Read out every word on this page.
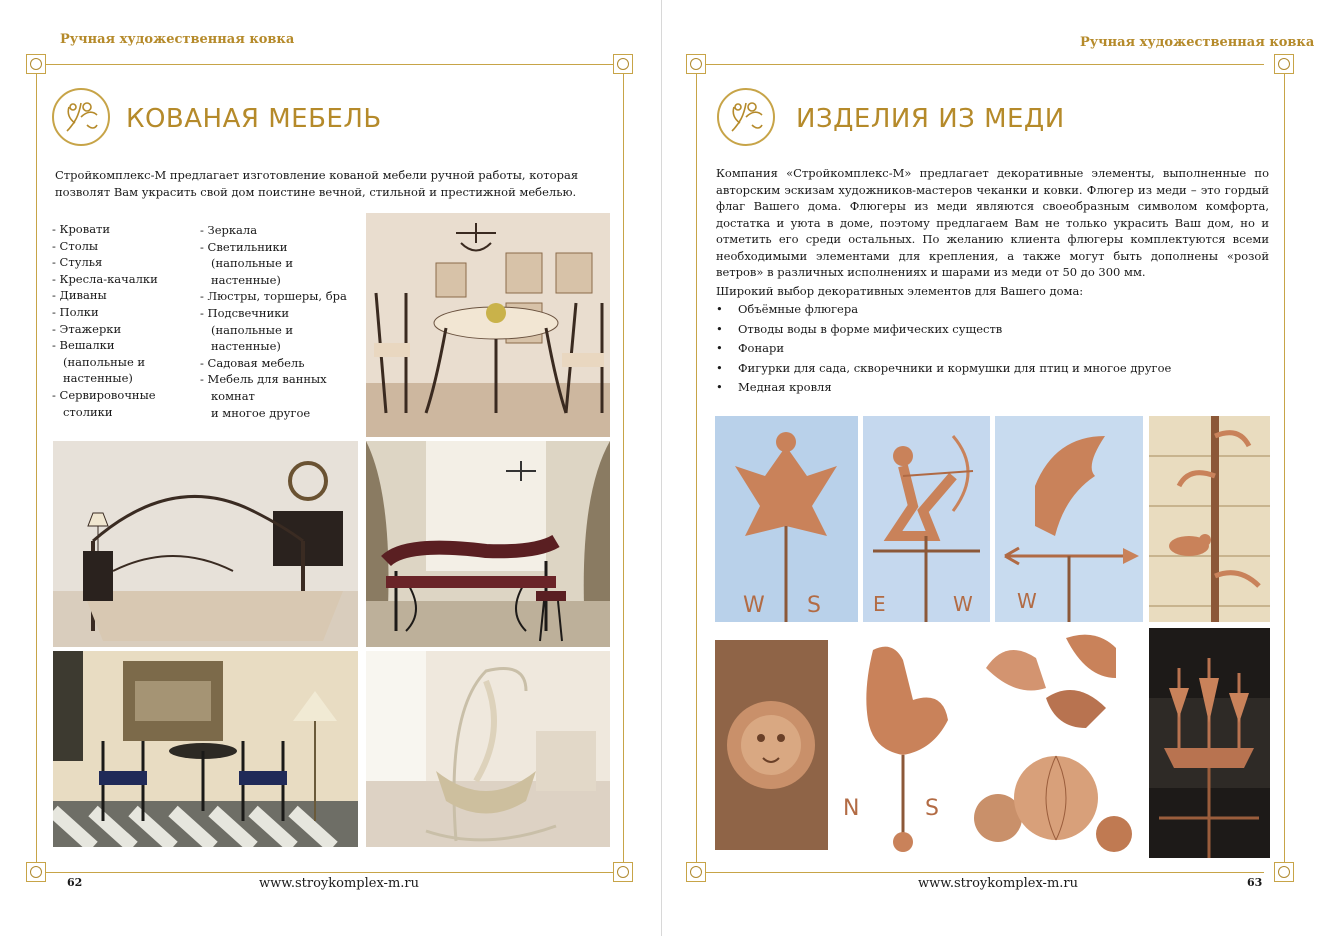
Ручная художественная ковка
КОВАНАЯ МЕБЕЛЬ
Стройкомплекс-М предлагает изготовление кованой мебели ручной работы, которая позволят Вам украсить свой дом поистине вечной, стильной и престижной мебелью.
- Кровати
- Столы
- Стулья
- Кресла-качалки
- Диваны
- Полки
- Этажерки
- Вешалки
(напольные и
настенные)
- Сервировочные
столики
- Зеркала
- Светильники
(напольные и
настенные)
- Люстры, торшеры, бра
- Подсвечники
(напольные и
настенные)
- Садовая мебель
- Мебель для ванных
комнат
и многое другое
62	www.stroykomplex-m.ru
Ручная художественная ковка
ИЗДЕЛИЯ ИЗ МЕДИ
Компания «Стройкомплекс-М» предлагает декоративные элементы, выполненные по авторским эскизам художников-мастеров чеканки и ковки. Флюгер из меди – это гордый флаг Вашего дома. Флюгеры из меди являются своеобразным символом комфорта, достатка и уюта в доме, поэтому предлагаем Вам не только украсить Ваш дом, но и отметить его среди остальных. По желанию клиента флюгеры комплектуются всеми необходимыми элементами для крепления, а также могут быть дополнены «розой ветров» в различных исполнениях и шарами из меди от 50 до 300 мм.
Широкий выбор декоративных элементов для Вашего дома:
• Объёмные флюгера
• Отводы воды в форме мифических существ
• Фонари
• Фигурки для сада, скворечники и кормушки для птиц и многое другое
• Медная кровля
W S	E	W W
N	S
www.stroykomplex-m.ru	63
